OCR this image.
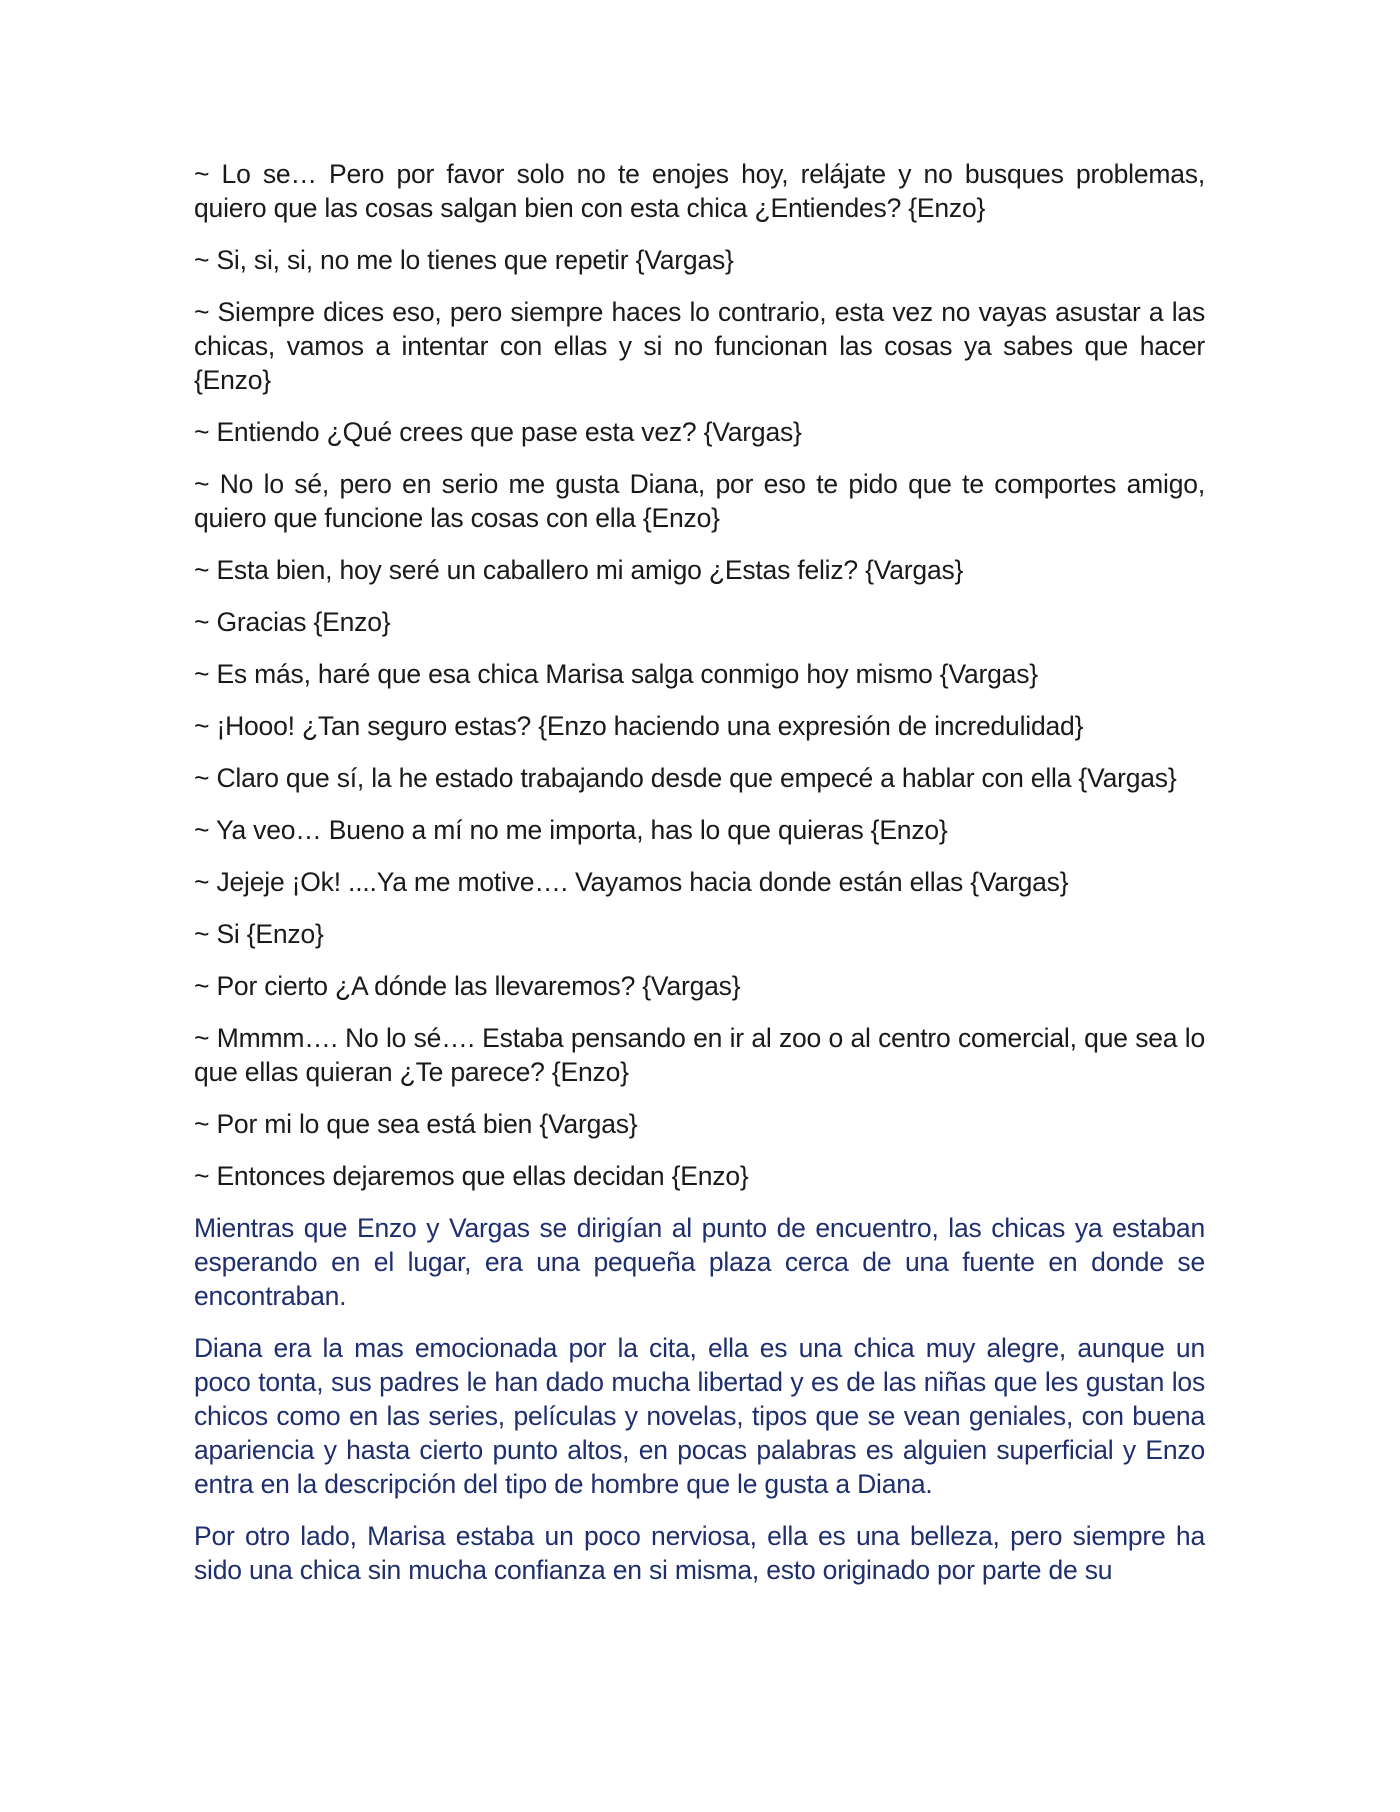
~ Lo se… Pero por favor solo no te enojes hoy, relájate y no busques problemas, quiero que las cosas salgan bien con esta chica ¿Entiendes? {Enzo}

~ Si, si, si, no me lo tienes que repetir {Vargas}

~ Siempre dices eso, pero siempre haces lo contrario, esta vez no vayas asustar a las chicas, vamos a intentar con ellas y si no funcionan las cosas ya sabes que hacer {Enzo}

~ Entiendo ¿Qué crees que pase esta vez? {Vargas}

~ No lo sé, pero en serio me gusta Diana, por eso te pido que te comportes amigo, quiero que funcione las cosas con ella {Enzo}

~ Esta bien, hoy seré un caballero mi amigo ¿Estas feliz? {Vargas}

~ Gracias {Enzo}

~ Es más, haré que esa chica Marisa salga conmigo hoy mismo {Vargas}

~ ¡Hooo! ¿Tan seguro estas? {Enzo haciendo una expresión de incredulidad}

~ Claro que sí, la he estado trabajando desde que empecé a hablar con ella {Vargas}

~ Ya veo… Bueno a mí no me importa, has lo que quieras {Enzo}

~ Jejeje ¡Ok! ....Ya me motive…. Vayamos hacia donde están ellas {Vargas}

~ Si {Enzo}

~ Por cierto ¿A dónde las llevaremos? {Vargas}

~ Mmmm…. No lo sé…. Estaba pensando en ir al zoo o al centro comercial, que sea lo que ellas quieran ¿Te parece? {Enzo}

~ Por mi lo que sea está bien {Vargas}

~ Entonces dejaremos que ellas decidan {Enzo}

Mientras que Enzo y Vargas se dirigían al punto de encuentro, las chicas ya estaban esperando en el lugar, era una pequeña plaza cerca de una fuente en donde se encontraban.

Diana era la mas emocionada por la cita, ella es una chica muy alegre, aunque un poco tonta, sus padres le han dado mucha libertad y es de las niñas que les gustan los chicos como en las series, películas y novelas, tipos que se vean geniales, con buena apariencia y hasta cierto punto altos, en pocas palabras es alguien superficial y Enzo entra en la descripción del tipo de hombre que le gusta a Diana.

Por otro lado, Marisa estaba un poco nerviosa, ella es una belleza, pero siempre ha sido una chica sin mucha confianza en si misma, esto originado por parte de su
